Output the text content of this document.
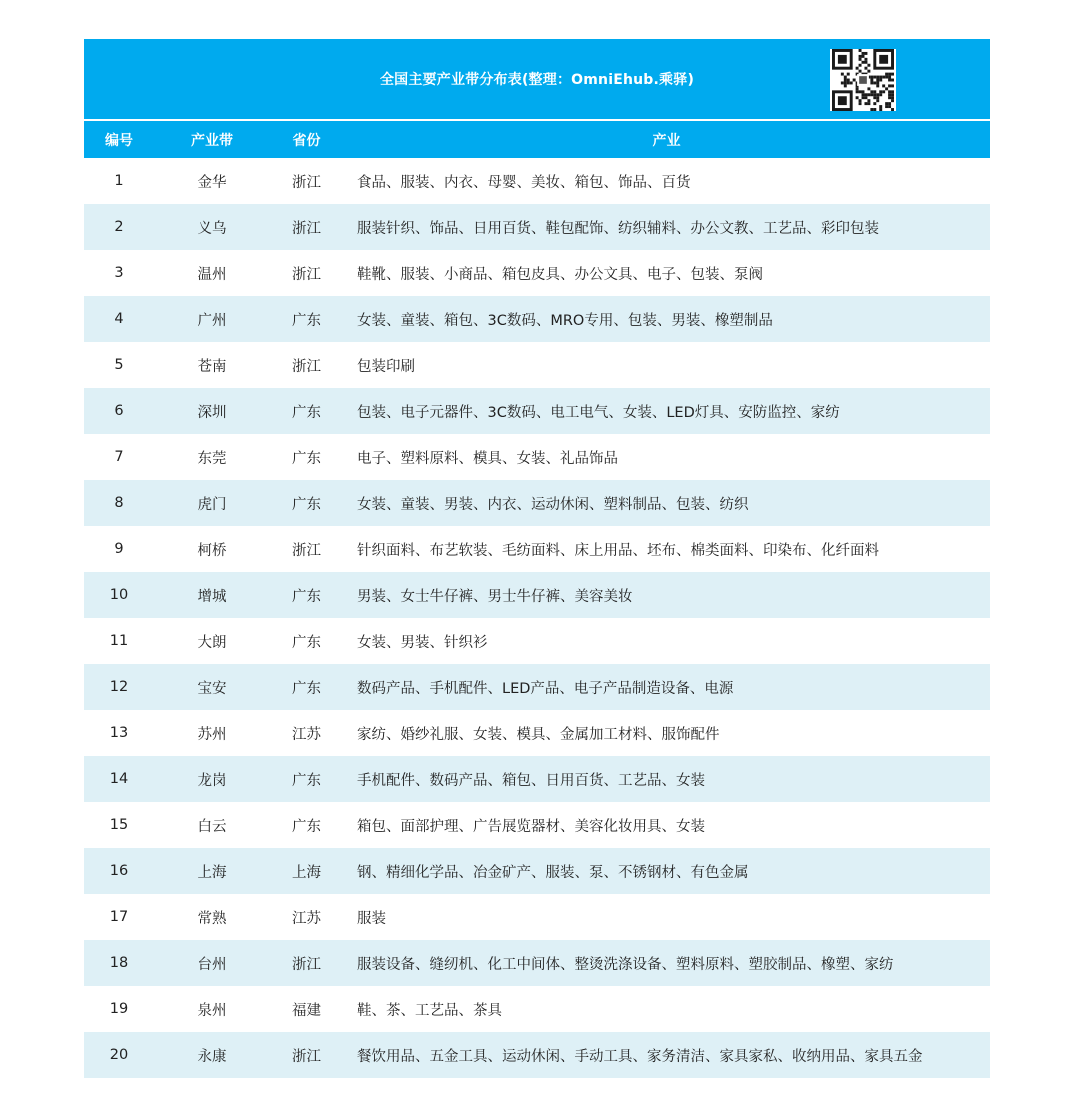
全国主要产业带分布表(整理：OmniEhub.乘驿)
编号	产业带	省份	产业
1	金华	浙江	食品、服装、内衣、母婴、美妆、箱包、饰品、百货
2	义乌	浙江	服装针织、饰品、日用百货、鞋包配饰、纺织辅料、办公文教、工艺品、彩印包装
3	温州	浙江	鞋靴、服装、小商品、箱包皮具、办公文具、电子、包装、泵阀
4	广州	广东	女装、童装、箱包、3C数码、MRO专用、包装、男装、橡塑制品
5	苍南	浙江	包装印刷
6	深圳	广东	包装、电子元器件、3C数码、电工电气、女装、LED灯具、安防监控、家纺
7	东莞	广东	电子、塑料原料、模具、女装、礼品饰品
8	虎门	广东	女装、童装、男装、内衣、运动休闲、塑料制品、包装、纺织
9	柯桥	浙江	针织面料、布艺软装、毛纺面料、床上用品、坯布、棉类面料、印染布、化纤面料
10	增城	广东	男装、女士牛仔裤、男士牛仔裤、美容美妆
11	大朗	广东	女装、男装、针织衫
12	宝安	广东	数码产品、手机配件、LED产品、电子产品制造设备、电源
13	苏州	江苏	家纺、婚纱礼服、女装、模具、金属加工材料、服饰配件
14	龙岗	广东	手机配件、数码产品、箱包、日用百货、工艺品、女装
15	白云	广东	箱包、面部护理、广告展览器材、美容化妆用具、女装
16	上海	上海	钢、精细化学品、冶金矿产、服装、泵、不锈钢材、有色金属
17	常熟	江苏	服装
18	台州	浙江	服装设备、缝纫机、化工中间体、整烫洗涤设备、塑料原料、塑胶制品、橡塑、家纺
19	泉州	福建	鞋、茶、工艺品、茶具
20	永康	浙江	餐饮用品、五金工具、运动休闲、手动工具、家务清洁、家具家私、收纳用品、家具五金
